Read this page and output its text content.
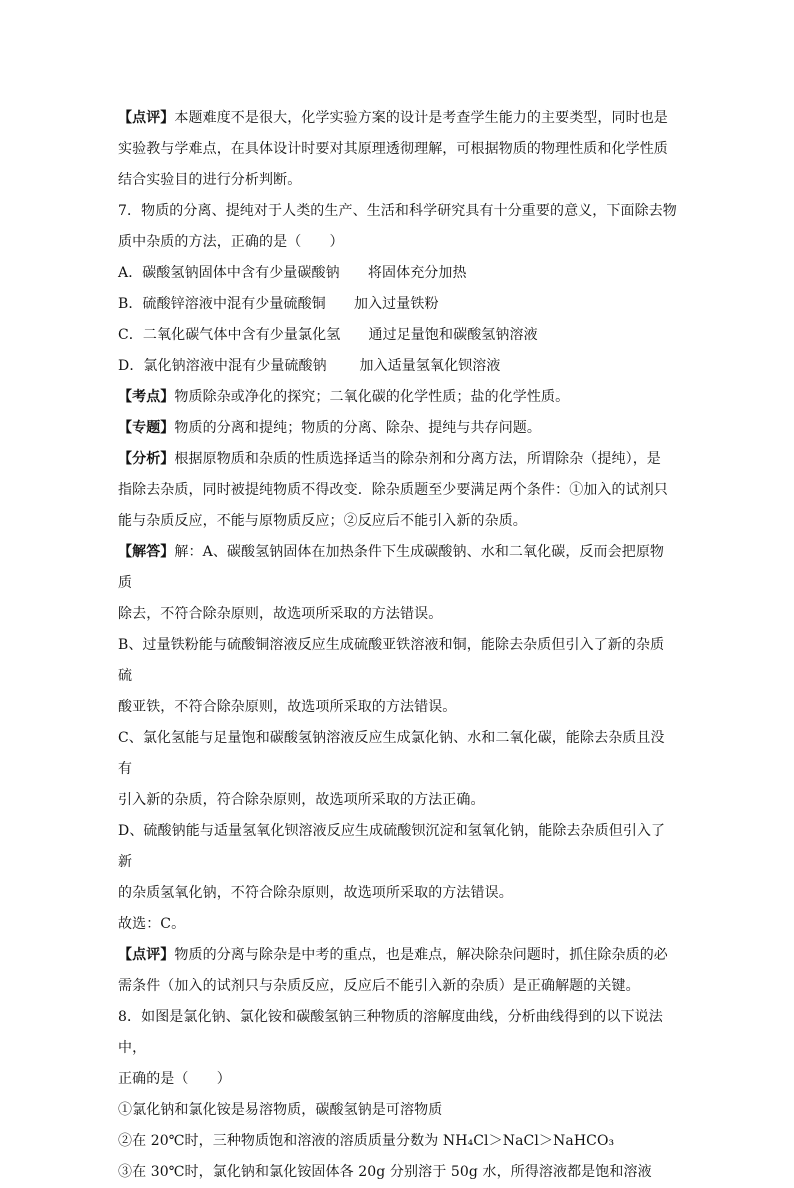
【点评】本题难度不是很大，化学实验方案的设计是考查学生能力的主要类型，同时也是

实验教与学难点，在具体设计时要对其原理透彻理解，可根据物质的物理性质和化学性质

结合实验目的进行分析判断。

7．物质的分离、提纯对于人类的生产、生活和科学研究具有十分重要的意义，下面除去物

质中杂质的方法，正确的是（　　）

A．碳酸氢钠固体中含有少量碳酸钠　　将固体充分加热

B．硫酸锌溶液中混有少量硫酸铜　　加入过量铁粉

C．二氧化碳气体中含有少量氯化氢　　通过足量饱和碳酸氢钠溶液

D．氯化钠溶液中混有少量硫酸钠　　 加入适量氢氧化钡溶液

【考点】物质除杂或净化的探究；二氧化碳的化学性质；盐的化学性质。

【专题】物质的分离和提纯；物质的分离、除杂、提纯与共存问题。

【分析】根据原物质和杂质的性质选择适当的除杂剂和分离方法，所谓除杂（提纯），是

指除去杂质，同时被提纯物质不得改变．除杂质题至少要满足两个条件：①加入的试剂只

能与杂质反应，不能与原物质反应；②反应后不能引入新的杂质。

【解答】解：A、碳酸氢钠固体在加热条件下生成碳酸钠、水和二氧化碳，反而会把原物质

除去，不符合除杂原则，故选项所采取的方法错误。

B、过量铁粉能与硫酸铜溶液反应生成硫酸亚铁溶液和铜，能除去杂质但引入了新的杂质硫

酸亚铁，不符合除杂原则，故选项所采取的方法错误。

C、氯化氢能与足量饱和碳酸氢钠溶液反应生成氯化钠、水和二氧化碳，能除去杂质且没有

引入新的杂质，符合除杂原则，故选项所采取的方法正确。

D、硫酸钠能与适量氢氧化钡溶液反应生成硫酸钡沉淀和氢氧化钠，能除去杂质但引入了新

的杂质氢氧化钠，不符合除杂原则，故选项所采取的方法错误。

故选：C。

【点评】物质的分离与除杂是中考的重点，也是难点，解决除杂问题时，抓住除杂质的必

需条件（加入的试剂只与杂质反应，反应后不能引入新的杂质）是正确解题的关键。

8．如图是氯化钠、氯化铵和碳酸氢钠三种物质的溶解度曲线，分析曲线得到的以下说法中，

正确的是（　　）

①氯化钠和氯化铵是易溶物质，碳酸氢钠是可溶物质

②在 20℃时，三种物质饱和溶液的溶质质量分数为 NH₄Cl＞NaCl＞NaHCO₃

③在 30℃时，氯化钠和氯化铵固体各 20g 分别溶于 50g 水，所得溶液都是饱和溶液
